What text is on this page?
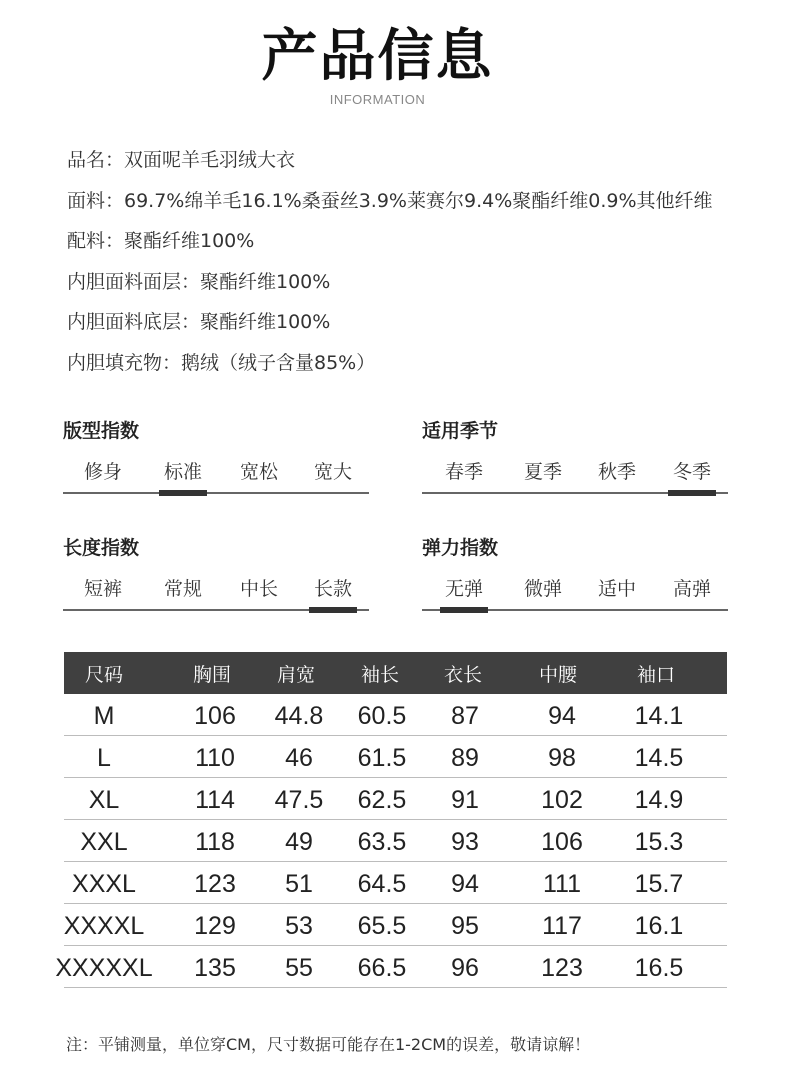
产品信息
INFORMATION
品名：双面呢羊毛羽绒大衣
面料：69.7%绵羊毛16.1%桑蚕丝3.9%莱赛尔9.4%聚酯纤维0.9%其他纤维
配料：聚酯纤维100%
内胆面料面层：聚酯纤维100%
内胆面料底层：聚酯纤维100%
内胆填充物：鹅绒（绒子含量85%）
版型指数
修身	标准	宽松	宽大
适用季节
春季	夏季	秋季	冬季
长度指数
短裤	常规	中长	长款
弹力指数
无弹	微弹	适中	高弹
尺码	胸围	肩宽	袖长	衣长	中腰	袖口
M	106	44.8	60.5	87	94	14.1
L	110	46	61.5	89	98	14.5
XL	114	47.5	62.5	91	102	14.9
XXL	118	49	63.5	93	106	15.3
XXXL	123	51	64.5	94	111	15.7
XXXXL	129	53	65.5	95	117	16.1
XXXXXL	135	55	66.5	96	123	16.5
注：平铺测量，单位穿CM，尺寸数据可能存在1-2CM的误差，敬请谅解！
